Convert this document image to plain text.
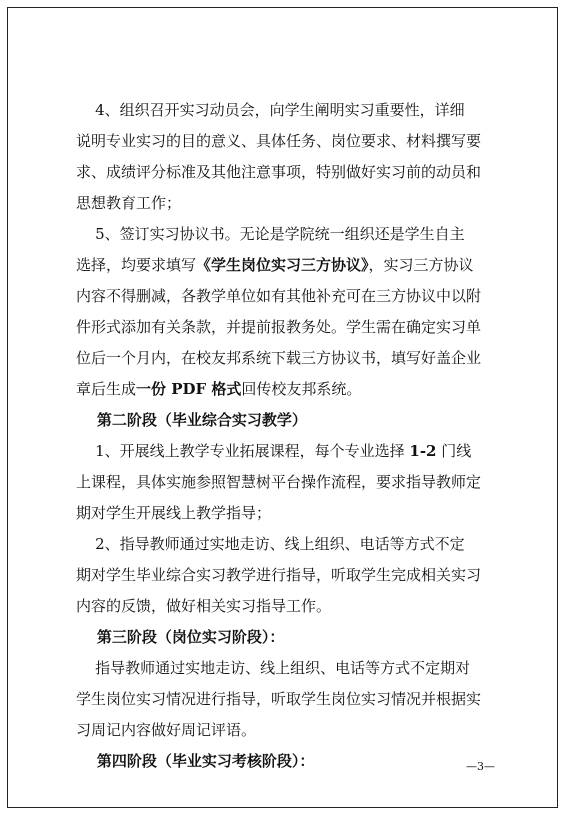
4、组织召开实习动员会，向学生阐明实习重要性，详细
说明专业实习的目的意义、具体任务、岗位要求、材料撰写要
求、成绩评分标准及其他注意事项，特别做好实习前的动员和
思想教育工作；
5、签订实习协议书。无论是学院统一组织还是学生自主
选择，均要求填写《学生岗位实习三方协议》，实习三方协议
内容不得删减，各教学单位如有其他补充可在三方协议中以附
件形式添加有关条款，并提前报教务处。学生需在确定实习单
位后一个月内，在校友邦系统下载三方协议书，填写好盖企业
章后生成一份 PDF 格式回传校友邦系统。
第二阶段（毕业综合实习教学）
1、开展线上教学专业拓展课程，每个专业选择 1-2 门线
上课程，具体实施参照智慧树平台操作流程，要求指导教师定
期对学生开展线上教学指导；
2、指导教师通过实地走访、线上组织、电话等方式不定
期对学生毕业综合实习教学进行指导，听取学生完成相关实习
内容的反馈，做好相关实习指导工作。
第三阶段（岗位实习阶段）：
指导教师通过实地走访、线上组织、电话等方式不定期对
学生岗位实习情况进行指导，听取学生岗位实习情况并根据实
习周记内容做好周记评语。
第四阶段（毕业实习考核阶段）：	—3—
